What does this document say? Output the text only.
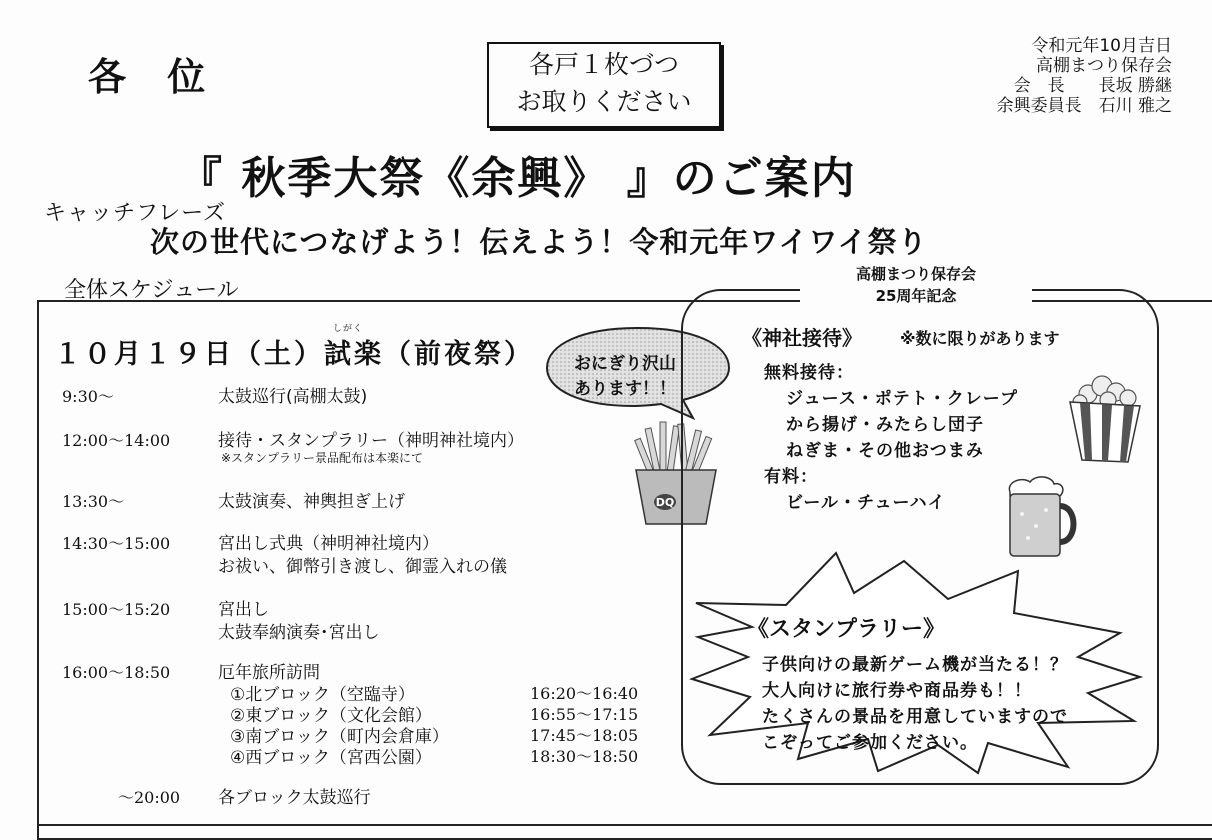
各 位	各戸１枚づつ
お取りください
令和元年10月吉日
高棚まつり保存会
会　長　　長坂 勝継
余興委員長　石川 雅之
『 秋季大祭《余興》 』のご案内
キャッチフレーズ
次の世代につなげよう！伝えよう！令和元年ワイワイ祭り
全体スケジュール
しがく
１０月１９日（土）試楽（前夜祭）
9:30～	太鼓巡行(高棚太鼓)
12:00～14:00	接待・スタンプラリー（神明神社境内）
※スタンプラリー景品配布は本楽にて
13:30～	太鼓演奏、神輿担ぎ上げ
14:30～15:00	宮出し式典（神明神社境内）
お祓い、御幣引き渡し、御霊入れの儀
15:00～15:20	宮出し
太鼓奉納演奏･宮出し
16:00～18:50	厄年旅所訪問
①北ブロック（空臨寺）	16:20～16:40
②東ブロック（文化会館）	16:55～17:15
③南ブロック（町内会倉庫）	17:45～18:05
④西ブロック（宮西公園）	18:30～18:50
～20:00 各ブロック太鼓巡行
おにぎり沢山
あります！！
DQ
高棚まつり保存会
25周年記念
《神社接待》 ※数に限りがあります
無料接待：
ジュース・ポテト・クレープ
から揚げ・みたらし団子
ねぎま・その他おつまみ
有料：
ビール・チューハイ
《スタンプラリー》
子供向けの最新ゲーム機が当たる！？
大人向けに旅行券や商品券も！！
たくさんの景品を用意していますので
こぞってご参加ください。
